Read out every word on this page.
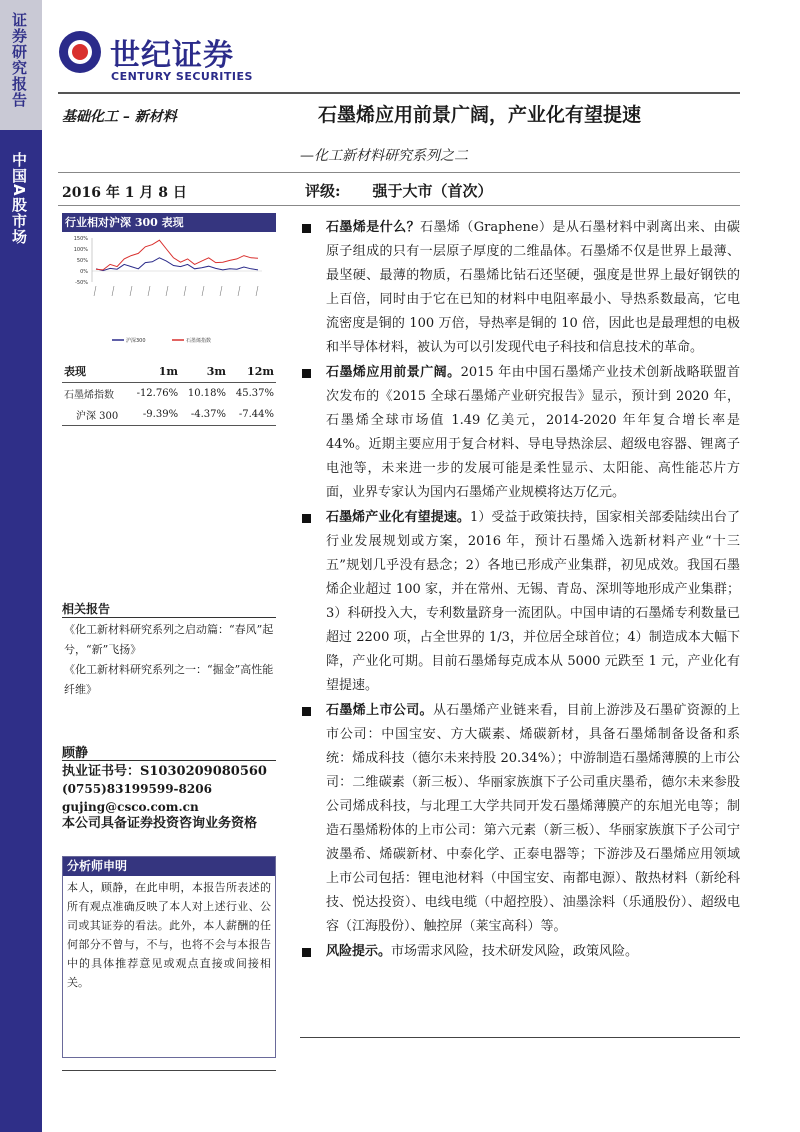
证券研究报告
中国A股市场
世纪证券
CENTURY SECURITIES
基础化工 – 新材料	石墨烯应用前景广阔，产业化有望提速
—化工新材料研究系列之二
2016 年 1 月 8 日	评级: 强于大市（首次）
行业相对沪深 300 表现
150%
100%
50%
0%
-50%
沪深300	石墨烯指数
表现	1m	3m	12m
石墨烯指数	-12.76%	10.18%	45.37%
沪深 300	-9.39%	-4.37%	-7.44%
相关报告
《化工新材料研究系列之启动篇：“春风”起兮，“新”飞扬》
《化工新材料研究系列之一：“掘金”高性能纤维》
顾静
执业证书号：S1030209080560
(0755)83199599-8206
gujing@csco.com.cn
本公司具备证券投资咨询业务资格
分析师申明
本人，顾静，在此申明，本报告所表述的所有观点准确反映了本人对上述行业、公司或其证券的看法。此外，本人薪酬的任何部分不曾与，不与，也将不会与本报告中的具体推荐意见或观点直接或间接相关。
石墨烯是什么？石墨烯（Graphene）是从石墨材料中剥离出来、由碳原子组成的只有一层原子厚度的二维晶体。石墨烯不仅是世界上最薄、最坚硬、最薄的物质，石墨烯比钻石还坚硬，强度是世界上最好钢铁的上百倍，同时由于它在已知的材料中电阻率最小、导热系数最高，它电流密度是铜的 100 万倍，导热率是铜的 10 倍，因此也是最理想的电极和半导体材料，被认为可以引发现代电子科技和信息技术的革命。
石墨烯应用前景广阔。2015 年由中国石墨烯产业技术创新战略联盟首次发布的《2015 全球石墨烯产业研究报告》显示，预计到 2020 年，石墨烯全球市场值 1.49 亿美元，2014-2020 年年复合增长率是 44%。近期主要应用于复合材料、导电导热涂层、超级电容器、锂离子电池等，未来进一步的发展可能是柔性显示、太阳能、高性能芯片方面，业界专家认为国内石墨烯产业规模将达万亿元。
石墨烯产业化有望提速。1）受益于政策扶持，国家相关部委陆续出台了行业发展规划或方案，2016 年，预计石墨烯入选新材料产业“十三五”规划几乎没有悬念；2）各地已形成产业集群，初见成效。我国石墨烯企业超过 100 家，并在常州、无锡、青岛、深圳等地形成产业集群；3）科研投入大，专利数量跻身一流团队。中国申请的石墨烯专利数量已超过 2200 项，占全世界的 1/3，并位居全球首位；4）制造成本大幅下降，产业化可期。目前石墨烯每克成本从 5000 元跌至 1 元，产业化有望提速。
石墨烯上市公司。从石墨烯产业链来看，目前上游涉及石墨矿资源的上市公司：中国宝安、方大碳素、烯碳新材，具备石墨烯制备设备和系统：烯成科技（德尔未来持股 20.34%）；中游制造石墨烯薄膜的上市公司：二维碳素（新三板）、华丽家族旗下子公司重庆墨希，德尔未来参股公司烯成科技，与北理工大学共同开发石墨烯薄膜产的东旭光电等；制造石墨烯粉体的上市公司：第六元素（新三板）、华丽家族旗下子公司宁波墨希、烯碳新材、中泰化学、正泰电器等；下游涉及石墨烯应用领域上市公司包括：锂电池材料（中国宝安、南都电源）、散热材料（新纶科技、悦达投资）、电线电缆（中超控股）、油墨涂料（乐通股份）、超级电容（江海股份）、触控屏（莱宝高科）等。
风险提示。市场需求风险，技术研发风险，政策风险。
